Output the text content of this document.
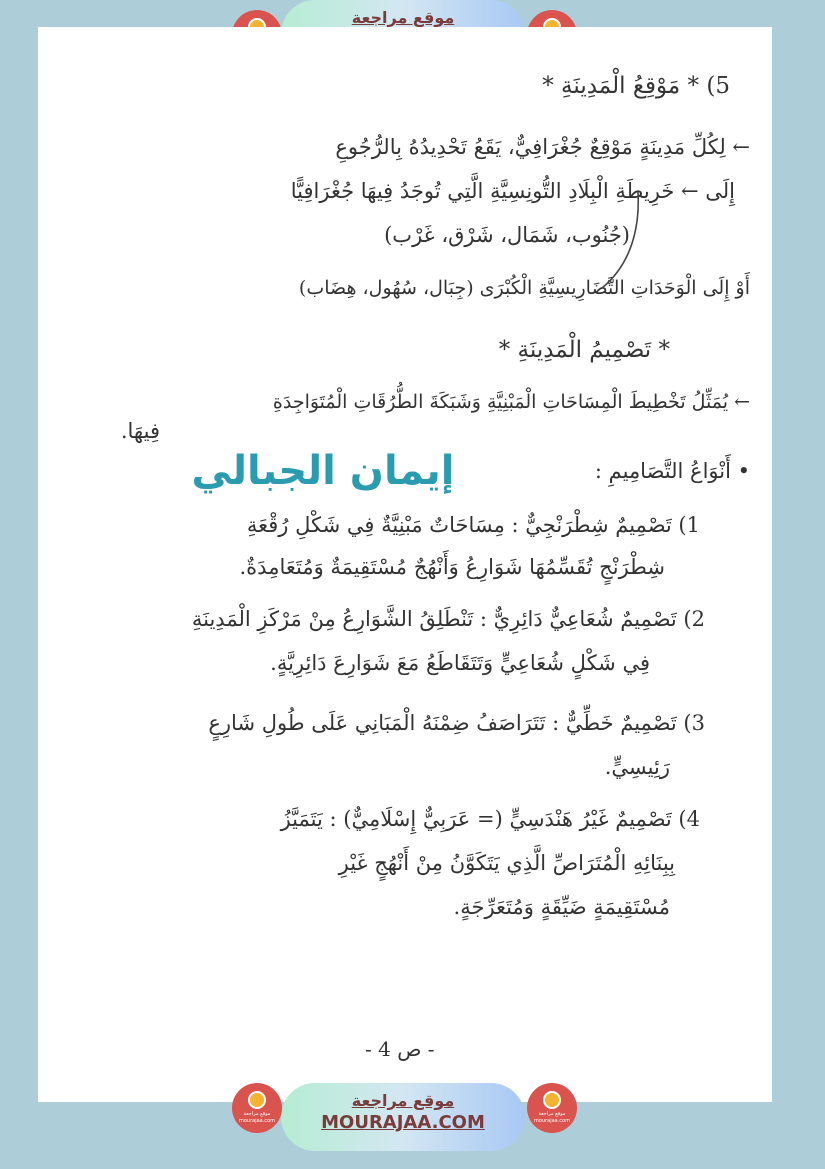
موقع مراجعة
5) * مَوْقِعُ الْمَدِينَةِ *
← لِكُلِّ مَدِينَةٍ مَوْقِعٌ جُغْرَافِيٌّ، يَقَعُ تَحْدِيدُهُ بِالرُّجُوعِ
إِلَى ← خَرِيطَةِ الْبِلَادِ التُّونِسِيَّةِ الَّتِي تُوجَدُ فِيهَا جُغْرَافِيًّا
(جُنُوب، شَمَال، شَرْق، غَرْب)
أَوْ إِلَى الْوَحَدَاتِ التَّضَارِيسِيَّةِ الْكُبْرَى (جِبَال، سُهُول، هِضَاب)
* تَصْمِيمُ الْمَدِينَةِ *
← يُمَثِّلُ تَخْطِيطَ الْمِسَاحَاتِ الْمَبْنِيَّةِ وَشَبَكَةَ الطُّرُقَاتِ الْمُتَوَاجِدَةِ
فِيهَا.
• أَنْوَاعُ التَّصَامِيمِ :
1) تَصْمِيمٌ شِطْرَنْجِيٌّ : مِسَاحَاتٌ مَبْنِيَّةٌ فِي شَكْلِ رُقْعَةِ
شِطْرَنْجٍ تُقَسِّمُهَا شَوَارِعُ وَأَنْهُجٌ مُسْتَقِيمَةٌ وَمُتَعَامِدَةٌ.
2) تَصْمِيمٌ شُعَاعِيٌّ دَائِرِيٌّ : تَنْطَلِقُ الشَّوَارِعُ مِنْ مَرْكَزِ الْمَدِينَةِ
فِي شَكْلٍ شُعَاعِيٍّ وَتَتَقَاطَعُ مَعَ شَوَارِعَ دَائِرِيَّةٍ.
3) تَصْمِيمٌ خَطِّيٌّ : تَتَرَاصَفُ ضِمْنَهُ الْمَبَانِي عَلَى طُولِ شَارِعٍ
رَئِيسِيٍّ.
4) تَصْمِيمٌ غَيْرُ هَنْدَسِيٍّ (= عَرَبِيٌّ إِسْلَامِيٌّ) : يَتَمَيَّزُ
بِبِنَائِهِ الْمُتَرَاصِّ الَّذِي يَتَكَوَّنُ مِنْ أَنْهُجٍ غَيْرِ
مُسْتَقِيمَةٍ ضَيِّقَةٍ وَمُتَعَرِّجَةٍ.
إيمان الجبالي
- ص 4 -
موقع مراجعة
MOURAJAA.COM
موقع مراجعة
mourajaa.com
موقع مراجعة
mourajaa.com
